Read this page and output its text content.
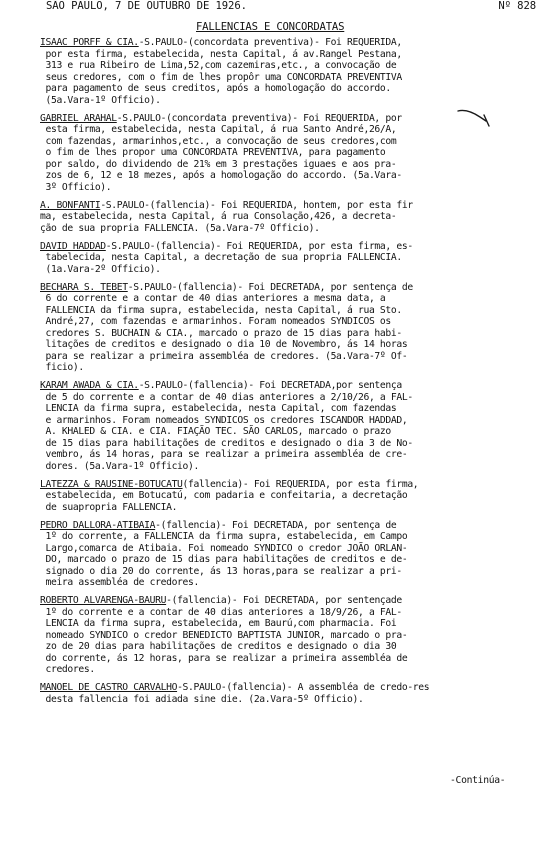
SÃO PAULO, 7 DE OUTUBRO DE 1926.	Nº 828
FALLENCIAS E CONCORDATAS
ISAAC PORFF & CIA.-S.PAULO-(concordata preventiva)- Foi REQUERIDA,
por esta firma, estabelecida, nesta Capital, á av.Rangel Pestana,
313 e rua Ribeiro de Lima,52,com cazemiras,etc., a convocação de
seus credores, com o fim de lhes propôr uma CONCORDATA PREVENTIVA
para pagamento de seus creditos, após a homologação do accordo.
(5a.Vara-1º Officio).
GABRIEL ARAHAL-S.PAULO-(concordata preventiva)- Foi REQUERIDA, por
esta firma, estabelecida, nesta Capital, á rua Santo André,26/A,
com fazendas, armarinhos,etc., a convocação de seus credores,com
o fim de lhes propor uma CONCORDATA PREVENTIVA, para pagamento
por saldo, do dividendo de 21% em 3 prestações iguaes e aos pra-
zos de 6, 12 e 18 mezes, após a homologação do accordo. (5a.Vara-
3º Officio).
A. BONFANTI-S.PAULO-(fallencia)- Foi REQUERIDA, hontem, por esta fir
ma, estabelecida, nesta Capital, á rua Consolação,426, a decreta-
ção de sua propria FALLENCIA. (5a.Vara-7º Officio).
DAVID HADDAD-S.PAULO-(fallencia)- Foi REQUERIDA, por esta firma, es-
tabelecida, nesta Capital, a decretação de sua propria FALLENCIA.
(1a.Vara-2º Officio).
BECHARA S. TEBET-S.PAULO-(fallencia)- Foi DECRETADA, por sentença de
6 do corrente e a contar de 40 dias anteriores a mesma data, a
FALLENCIA da firma supra, estabelecida, nesta Capital, á rua Sto.
André,27, com fazendas e armarinhos. Foram nomeados SYNDICOS os
credores S. BUCHAIN & CIA., marcado o prazo de 15 dias para habi-
litações de creditos e designado o dia 10 de Novembro, ás 14 horas
para se realizar a primeira assembléa de credores. (5a.Vara-7º Of-
ficio).
KARAM AWADA & CIA.-S.PAULO-(fallencia)- Foi DECRETADA,por sentença
de 5 do corrente e a contar de 40 dias anteriores a 2/10/26, a FAL-
LENCIA da firma supra, estabelecida, nesta Capital, com fazendas
e armarinhos. Foram nomeados SYNDICOS os credores ISCANDOR HADDAD,
A. KHALED & CIA. e CIA. FIAÇÃO TEC. SÃO CARLOS, marcado o prazo
de 15 dias para habilitações de creditos e designado o dia 3 de No-
vembro, ás 14 horas, para se realizar a primeira assembléa de cre-
dores. (5a.Vara-1º Officio).
LATEZZA & RAUSINE-BOTUCATÚ(fallencia)- Foi REQUERIDA, por esta firma,
estabelecida, em Botucatú, com padaria e confeitaria, a decretação
de suapropria FALLENCIA.
PEDRO DALLORA-ATIBAIA-(fallencia)- Foi DECRETADA, por sentença de
1º do corrente, a FALLENCIA da firma supra, estabelecida, em Campo
Largo,comarca de Atibaia. Foi nomeado SYNDICO o credor JOÃO ORLAN-
DO, marcado o prazo de 15 dias para habilitações de creditos e de-
signado o dia 20 do corrente, ás 13 horas,para se realizar a pri-
meira assembléa de credores.
ROBERTO ALVARENGA-BAURÚ-(fallencia)- Foi DECRETADA, por sentençade
1º do corrente e a contar de 40 dias anteriores a 18/9/26, a FAL-
LENCIA da firma supra, estabelecida, em Baurú,com pharmacia. Foi
nomeado SYNDICO o credor BENEDICTO BAPTISTA JUNIOR, marcado o pra-
zo de 20 dias para habilitações de creditos e designado o dia 30
do corrente, ás 12 horas, para se realizar a primeira assembléa de
credores.
MANOEL DE CASTRO CARVALHO-S.PAULO-(fallencia)- A assembléa de credo-res
desta fallencia foi adiada sine die. (2a.Vara-5º Officio).
-Continúa-
